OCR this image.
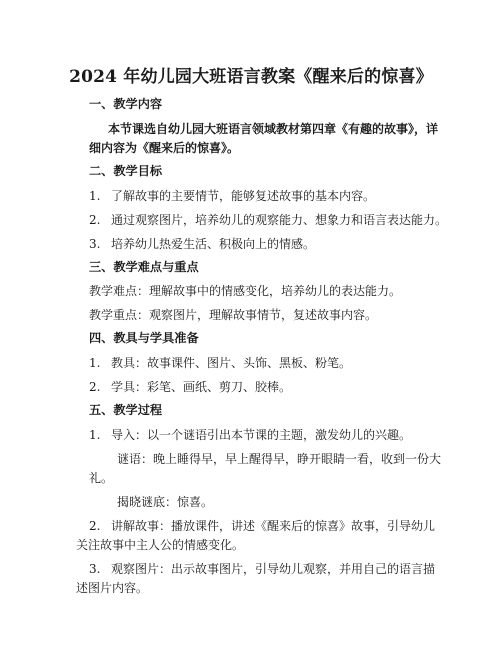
2024 年幼儿园大班语言教案《醒来后的惊喜》
一、教学内容
本节课选自幼儿园大班语言领域教材第四章《有趣的故事》，详
细内容为《醒来后的惊喜》。
二、教学目标
1. 了解故事的主要情节，能够复述故事的基本内容。
2. 通过观察图片，培养幼儿的观察能力、想象力和语言表达能力。
3. 培养幼儿热爱生活、积极向上的情感。
三、教学难点与重点
教学难点：理解故事中的情感变化，培养幼儿的表达能力。
教学重点：观察图片，理解故事情节，复述故事内容。
四、教具与学具准备
1. 教具：故事课件、图片、头饰、黑板、粉笔。
2. 学具：彩笔、画纸、剪刀、胶棒。
五、教学过程
1. 导入：以一个谜语引出本节课的主题，激发幼儿的兴趣。
谜语：晚上睡得早，早上醒得早，睁开眼睛一看，收到一份大
礼。
揭晓谜底：惊喜。
2. 讲解故事：播放课件，讲述《醒来后的惊喜》故事，引导幼儿
关注故事中主人公的情感变化。
3. 观察图片：出示故事图片，引导幼儿观察，并用自己的语言描
述图片内容。
